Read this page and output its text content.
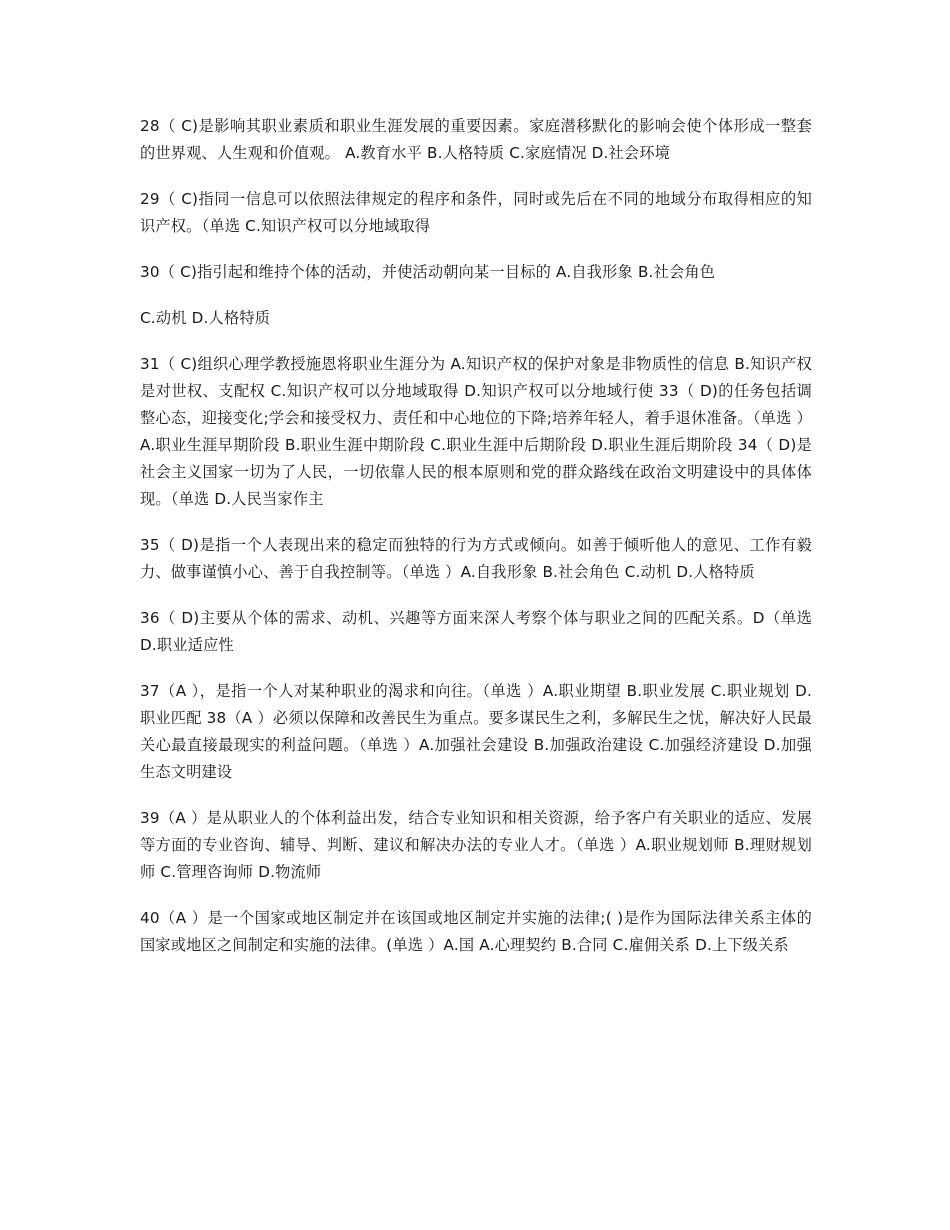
28（ C)是影响其职业素质和职业生涯发展的重要因素。家庭潜移默化的影响会使个体形成一整套的世界观、人生观和价值观。 A.教育水平 B.人格特质 C.家庭情况 D.社会环境

29（ C)指同一信息可以依照法律规定的程序和条件，同时或先后在不同的地域分布取得相应的知识产权。（单选 C.知识产权可以分地域取得

30（ C)指引起和维持个体的活动，并使活动朝向某一目标的 A.自我形象 B.社会角色

C.动机 D.人格特质

31（ C)组织心理学教授施恩将职业生涯分为 A.知识产权的保护对象是非物质性的信息 B.知识产权是对世权、支配权 C.知识产权可以分地域取得 D.知识产权可以分地域行使 33（ D)的任务包括调整心态，迎接变化;学会和接受权力、责任和中心地位的下降;培养年轻人，着手退休准备。（单选 ）A.职业生涯早期阶段 B.职业生涯中期阶段 C.职业生涯中后期阶段 D.职业生涯后期阶段 34（ D)是社会主义国家一切为了人民，一切依靠人民的根本原则和党的群众路线在政治文明建设中的具体体现。（单选 D.人民当家作主

35（ D)是指一个人表现出来的稳定而独特的行为方式或倾向。如善于倾听他人的意见、工作有毅力、做事谨慎小心、善于自我控制等。（单选 ）A.自我形象 B.社会角色 C.动机 D.人格特质

36（ D)主要从个体的需求、动机、兴趣等方面来深人考察个体与职业之间的匹配关系。D（单选 D.职业适应性

37（A ），是指一个人对某种职业的渴求和向往。（单选 ）A.职业期望 B.职业发展 C.职业规划 D.职业匹配 38（A ）必须以保障和改善民生为重点。要多谋民生之利，多解民生之忧，解决好人民最关心最直接最现实的利益问题。（单选 ）A.加强社会建设 B.加强政治建设 C.加强经济建设 D.加强生态文明建设

39（A ）是从职业人的个体利益出发，结合专业知识和相关资源，给予客户有关职业的适应、发展等方面的专业咨询、辅导、判断、建议和解决办法的专业人才。（单选 ）A.职业规划师 B.理财规划师 C.管理咨询师 D.物流师

40（A ）是一个国家或地区制定并在该国或地区制定并实施的法律;( )是作为国际法律关系主体的国家或地区之间制定和实施的法律。(单选 ）A.国 A.心理契约 B.合同 C.雇佣关系 D.上下级关系
